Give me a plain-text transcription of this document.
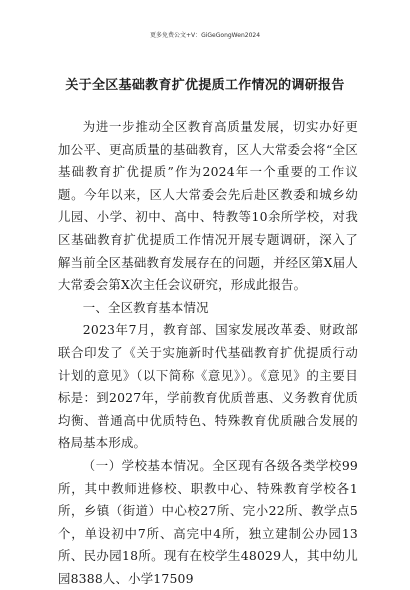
更多免费公文+V：GiGeGongWen2024
关于全区基础教育扩优提质工作情况的调研报告

为进一步推动全区教育高质量发展，切实办好更加公平、更高质量的基础教育，区人大常委会将“全区基础教育扩优提质”作为2024年一个重要的工作议题。今年以来，区人大常委会先后赴区教委和城乡幼儿园、小学、初中、高中、特教等10余所学校，对我区基础教育扩优提质工作情况开展专题调研，深入了解当前全区基础教育发展存在的问题，并经区第X届人大常委会第X次主任会议研究，形成此报告。

一、全区教育基本情况

2023年7月，教育部、国家发展改革委、财政部联合印发了《关于实施新时代基础教育扩优提质行动计划的意见》（以下简称《意见》）。《意见》的主要目标是：到2027年，学前教育优质普惠、义务教育优质均衡、普通高中优质特色、特殊教育优质融合发展的格局基本形成。

（一）学校基本情况。全区现有各级各类学校99所，其中教师进修校、职教中心、特殊教育学校各1所，乡镇（街道）中心校27所、完小22所、教学点5个，单设初中7所、高完中4所，独立建制公办园13所、民办园18所。现有在校学生48029人，其中幼儿园8388人、小学17509
